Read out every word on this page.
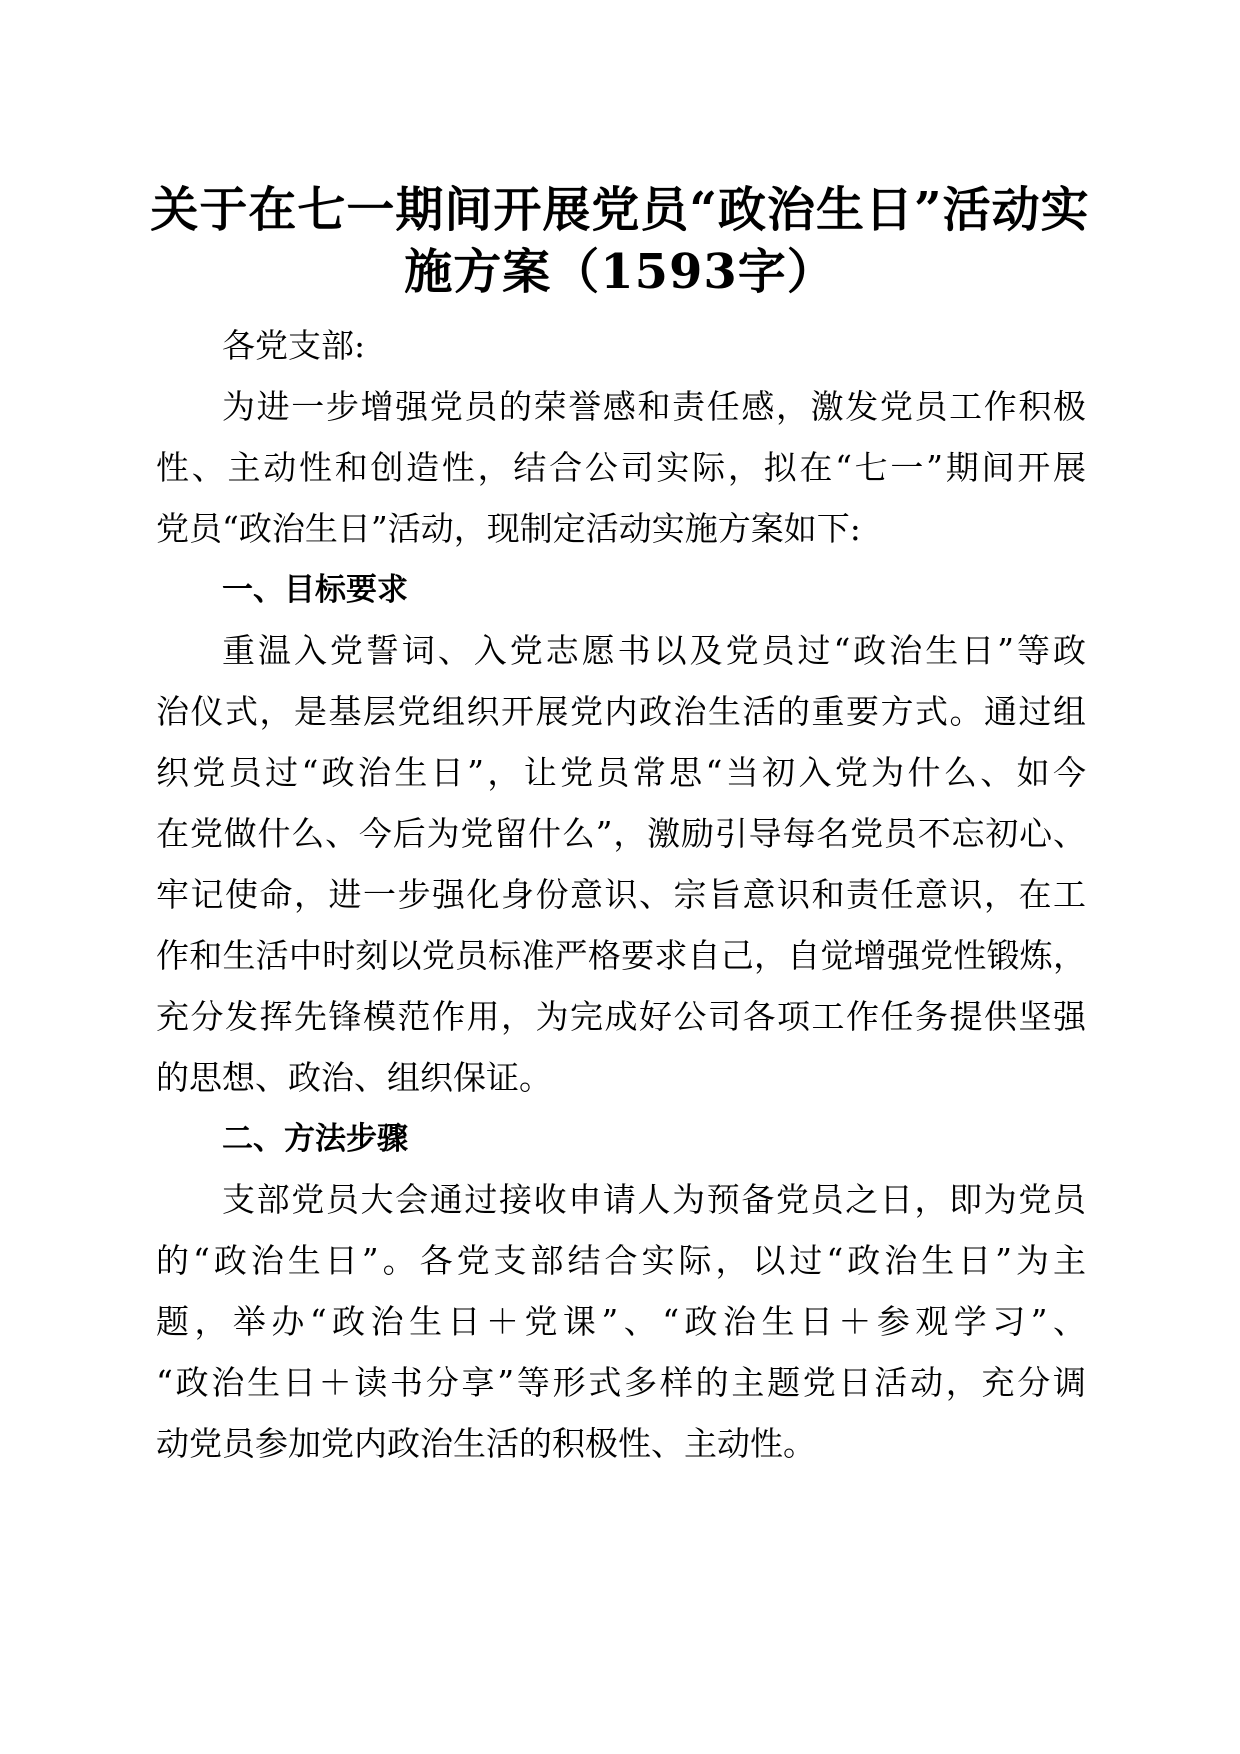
关于在七一期间开展党员“政治生日”活动实
施方案（1593字）
各党支部:
为进一步增强党员的荣誉感和责任感，激发党员工作积极
性、主动性和创造性，结合公司实际，拟在“七一”期间开展
党员“政治生日”活动，现制定活动实施方案如下:
一、目标要求
重温入党誓词、入党志愿书以及党员过“政治生日”等政
治仪式，是基层党组织开展党内政治生活的重要方式。通过组
织党员过“政治生日”，让党员常思“当初入党为什么、如今
在党做什么、今后为党留什么”，激励引导每名党员不忘初心、
牢记使命，进一步强化身份意识、宗旨意识和责任意识，在工
作和生活中时刻以党员标准严格要求自己，自觉增强党性锻炼，
充分发挥先锋模范作用，为完成好公司各项工作任务提供坚强
的思想、政治、组织保证。
二、方法步骤
支部党员大会通过接收申请人为预备党员之日，即为党员
的“政治生日”。各党支部结合实际，以过“政治生日”为主
题，举办“政治生日＋党课”、“政治生日＋参观学习”、
“政治生日＋读书分享”等形式多样的主题党日活动，充分调
动党员参加党内政治生活的积极性、主动性。
